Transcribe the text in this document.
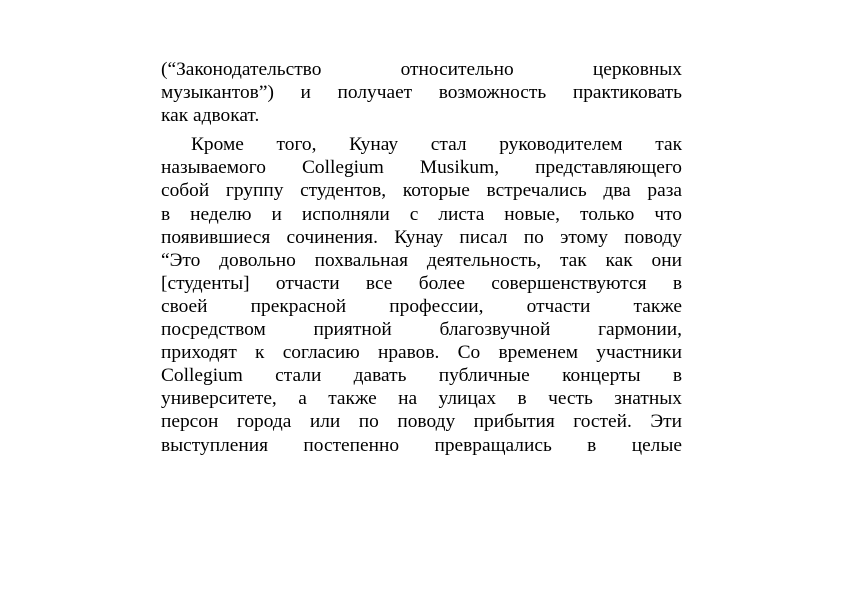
(“Законодательство относительно церковных
музыкантов”) и получает возможность практиковать
как адвокат.
Кроме того, Кунау стал руководителем так
называемого Collegium Musikum, представляющего
собой группу студентов, которые встречались два раза
в неделю и исполняли с листа новые, только что
появившиеся сочинения. Кунау писал по этому поводу
“Это довольно похвальная деятельность, так как они
[студенты] отчасти все более совершенствуются в
своей прекрасной профессии, отчасти также
посредством приятной благозвучной гармонии,
приходят к согласию нравов. Со временем участники
Collegium стали давать публичные концерты в
университете, а также на улицах в честь знатных
персон города или по поводу прибытия гостей. Эти
выступления постепенно превращались в целые
